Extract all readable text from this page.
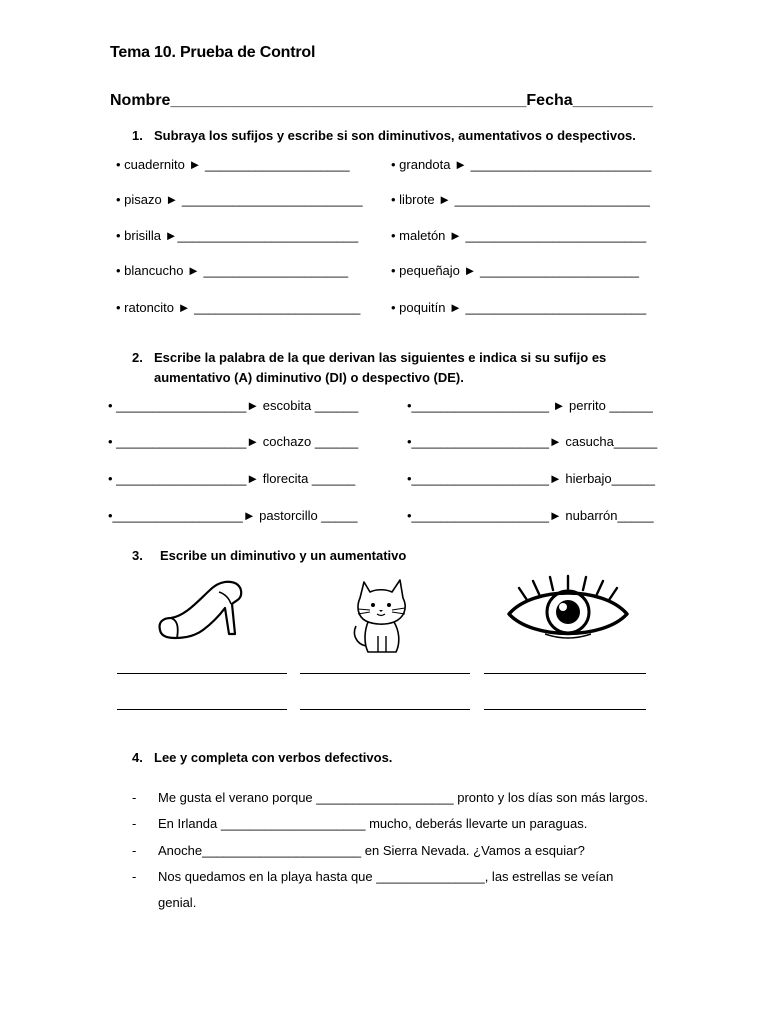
Tema 10. Prueba de Control
Nombre________________________________________Fecha_________
1. Subraya los sufijos y escribe si son diminutivos, aumentativos o despectivos.
• cuadernito ► ____________________
• pisazo ► _________________________
• brisilla ►_________________________
• blancucho ► ____________________
• ratoncito ► _______________________
• grandota ► _________________________
• librote ► ___________________________
• maletón ► _________________________
• pequeñajo ► ______________________
• poquitín ► _________________________
2. Escribe la palabra de la que derivan las siguientes e indica si su sufijo es
aumentativo (A) diminutivo (DI) o despectivo (DE).
• __________________► escobita ______
• __________________► cochazo ______
• __________________► florecita ______
•__________________► pastorcillo _____
•___________________ ► perrito ______
•___________________► casucha______
•___________________► hierbajo______
•___________________► nubarrón_____
3. Escribe un diminutivo y un aumentativo
4. Lee y completa con verbos defectivos.
- Me gusta el verano porque ___________________ pronto y los días son más largos.
- En Irlanda ____________________ mucho, deberás llevarte un paraguas.
- Anoche______________________ en Sierra Nevada. ¿Vamos a esquiar?
- Nos quedamos en la playa hasta que _______________, las estrellas se veían
genial.
